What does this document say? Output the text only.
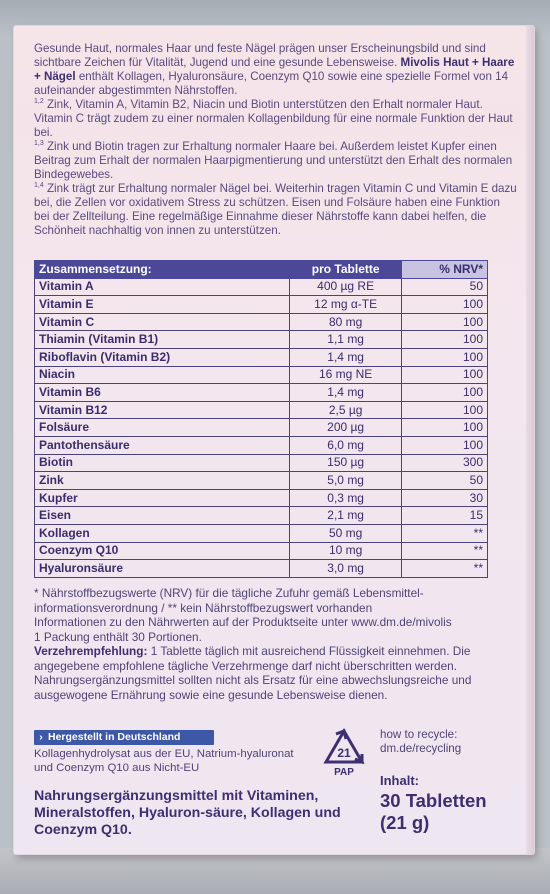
Gesunde Haut, normales Haar und feste Nägel prägen unser Erscheinungsbild und sind sichtbare Zeichen für Vitalität, Jugend und eine gesunde Lebensweise. Mivolis Haut + Haare + Nägel enthält Kollagen, Hyaluronsäure, Coenzym Q10 sowie eine spezielle Formel von 14 aufeinander abgestimmten Nährstoffen.

$^{1,2}$ Zink, Vitamin A, Vitamin B2, Niacin und Biotin unterstützen den Erhalt normaler Haut. Vitamin C trägt zudem zu einer normalen Kollagenbildung für eine normale Funktion der Haut bei.

$^{1,3}$ Zink und Biotin tragen zur Erhaltung normaler Haare bei. Außerdem leistet Kupfer einen Beitrag zum Erhalt der normalen Haarpigmentierung und unterstützt den Erhalt des normalen Bindegewebes.

$^{1,4}$ Zink trägt zur Erhaltung normaler Nägel bei. Weiterhin tragen Vitamin C und Vitamin E dazu bei, die Zellen vor oxidativem Stress zu schützen. Eisen und Folsäure haben eine Funktion bei der Zellteilung. Eine regelmäßige Einnahme dieser Nährstoffe kann dabei helfen, die Schönheit nachhaltig von innen zu unterstützen.

Zusammensetzung:	pro Tablette	% NRV*
Vitamin A	400 µg RE	50
Vitamin E	12 mg α-TE	100
Vitamin C	80 mg	100
Thiamin (Vitamin B1)	1,1 mg	100
Riboflavin (Vitamin B2)	1,4 mg	100
Niacin	16 mg NE	100
Vitamin B6	1,4 mg	100
Vitamin B12	2,5 µg	100
Folsäure	200 µg	100
Pantothensäure	6,0 mg	100
Biotin	150 µg	300
Zink	5,0 mg	50
Kupfer	0,3 mg	30
Eisen	2,1 mg	15
Kollagen	50 mg	**
Coenzym Q10	10 mg	**
Hyaluronsäure	3,0 mg	**

* Nährstoffbezugswerte (NRV) für die tägliche Zufuhr gemäß Lebensmittel-informationsverordnung / ** kein Nährstoffbezugswert vorhanden

Informationen zu den Nährwerten auf der Produktseite unter www.dm.de/mivolis

1 Packung enthält 30 Portionen.

Verzehrempfehlung: 1 Tablette täglich mit ausreichend Flüssigkeit einnehmen. Die angegebene empfohlene tägliche Verzehrmenge darf nicht überschritten werden. Nahrungsergänzungsmittel sollten nicht als Ersatz für eine abwechslungsreiche und ausgewogene Ernährung sowie eine gesunde Lebensweise dienen.

› Hergestellt in Deutschland
Kollagenhydrolysat aus der EU, Natrium-hyaluronat und Coenzym Q10 aus Nicht-EU
21
PAP
how to recycle:
dm.de/recycling
Inhalt:
30 Tabletten
(21 g)
Nahrungsergänzungsmittel mit Vitaminen, Mineralstoffen, Hyaluron-säure, Kollagen und Coenzym Q10.
